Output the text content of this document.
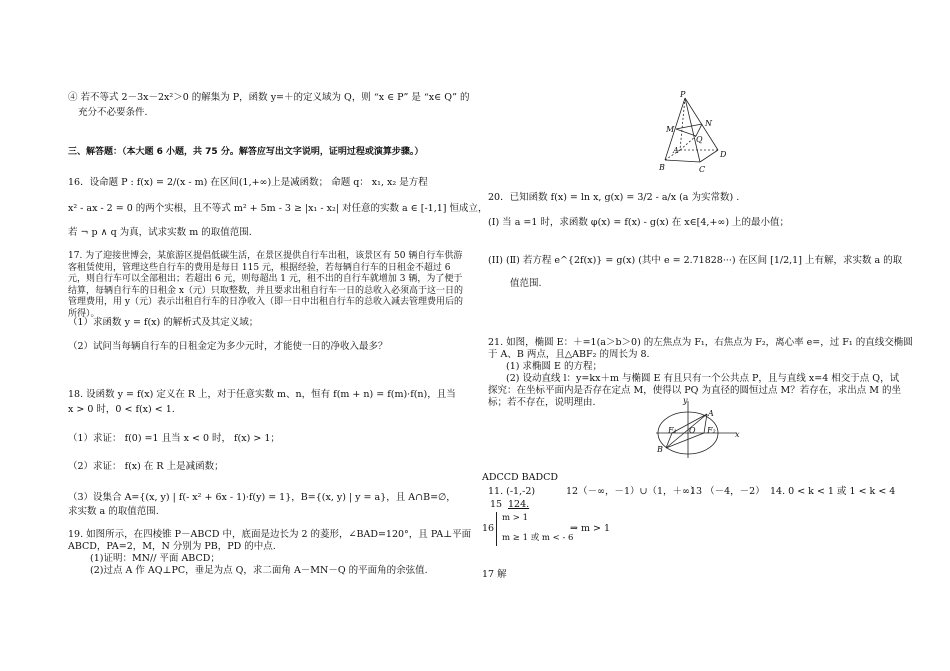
④ 若不等式 2－3x－2x²＞0 的解集为 P，函数 y=＋的定义域为 Q，则 “x ∈ P” 是 “x∈ Q” 的
充分不必要条件.
三、解答题：（本大题 6 小题，共 75 分。解答应写出文字说明，证明过程或演算步骤。）
16．设命题 P : f(x) = 2/(x - m) 在区间(1,+∞)上是减函数； 命题 q： x₁, x₂ 是方程
x² - ax - 2 = 0 的两个实根，且不等式 m² + 5m - 3 ≥ |x₁ - x₂| 对任意的实数 a ∈ [-1,1] 恒成立，
若 ¬ p ∧ q 为真，试求实数 m 的取值范围.
17. 为了迎接世博会，某旅游区提倡低碳生活，在景区提供自行车出租，该景区有 50 辆自行车供游客租赁使用，管理这些自行车的费用是每日 115 元，根据经验，若每辆自行车的日租金不超过 6 元，则自行车可以全部租出；若超出 6 元，则每超出 1 元，租不出的自行车就增加 3 辆，为了便于结算，每辆自行车的日租金 x（元）只取整数，并且要求出租自行车一日的总收入必须高于这一日的管理费用，用 y（元）表示出租自行车的日净收入（即一日中出租自行车的总收入减去管理费用后的所得）。
（1）求函数 y = f(x) 的解析式及其定义域；
（2）试问当每辆自行车的日租金定为多少元时，才能使一日的净收入最多？
18. 设函数 y = f(x) 定义在 R 上，对于任意实数 m、n，恒有 f(m + n) = f(m)·f(n)，且当
x > 0 时，0 < f(x) < 1.
（1）求证： f(0) =1 且当 x < 0 时， f(x) > 1；
（2）求证： f(x) 在 R 上是减函数；
（3）设集合 A={(x, y) | f(- x² + 6x - 1)·f(y) = 1}，B={(x, y) | y = a}，且 A∩B=∅，
求实数 a 的取值范围.
19. 如图所示，在四棱锥 P－ABCD 中，底面是边长为 2 的菱形，∠BAD=120°，且 PA⊥平面
ABCD，PA=2，M，N 分别为 PB，PD 的中点.
(1)证明：MN// 平面 ABCD；
(2)过点 A 作 AQ⊥PC，垂足为点 Q，求二面角 A－MN－Q 的平面角的余弦值.
P
M
N
Q
A
B	C
D
20．已知函数 f(x) = ln x, g(x) = 3/2 - a/x (a 为实常数) .
(I) 当 a =1 时，求函数 φ(x) = f(x) - g(x) 在 x∈[4,+∞) 上的最小值；
(II) (Ⅱ) 若方程 e^{2f(x)} = g(x) (其中 e = 2.71828···) 在区间 [1/2,1] 上有解，求实数 a 的取
值范围.
21. 如图，椭圆 E：＋=1(a＞b＞0) 的左焦点为 F₁，右焦点为 F₂，离心率 e=，过 F₁ 的直线交椭圆
于 A、B 两点，且△ABF₂ 的周长为 8.
(1) 求椭圆 E 的方程；
(2) 设动直线 l：y=kx＋m 与椭圆 E 有且只有一个公共点 P，且与直线 x=4 相交于点 Q，试
探究：在坐标平面内是否存在定点 M，使得以 PQ 为直径的圆恒过点 M？若存在，求出点 M 的坐
标；若不存在，说明理由.	y
A
B
F₁ O F₂ x
ADCCD BADCD
11. (-1,-2)	12（－∞，－1）∪（1，＋∞）
13 （－4，－2） 14. 0 < k < 1 或 1 < k < 4
15 124.
16
m > 1
m ≥ 1 或 m < - 6
⇒ m > 1
17 解
